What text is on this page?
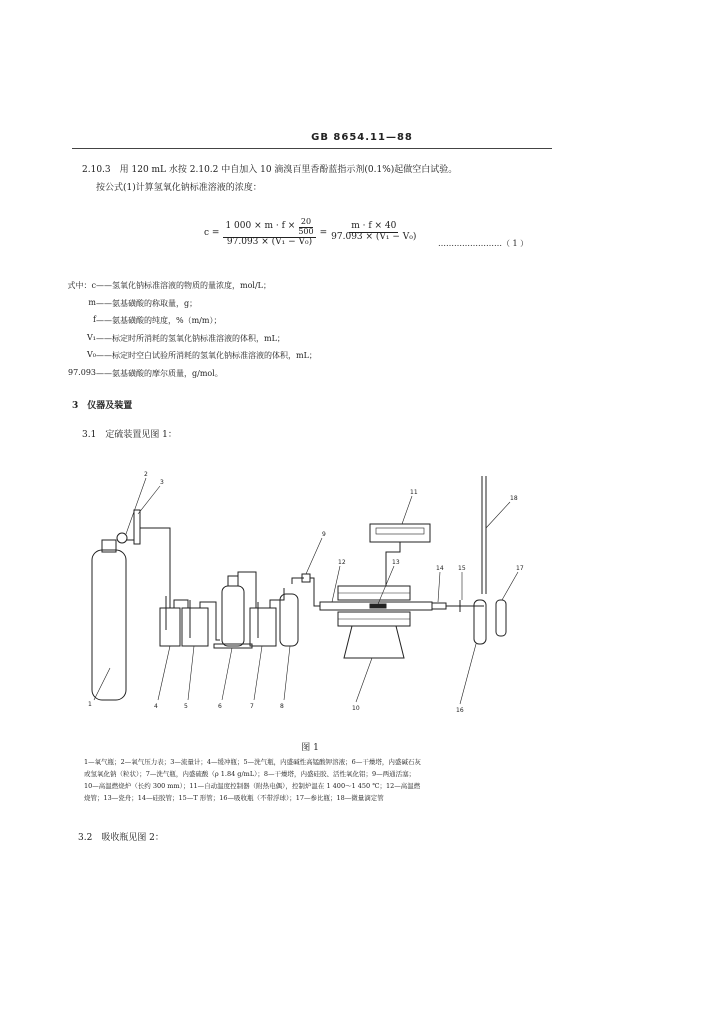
GB 8654.11—88
2.10.3　用 120 mL 水按 2.10.2 中自加入 10 滴溴百里香酚蓝指示剂(0.1%)起做空白试验。
按公式(1)计算氢氧化钠标准溶液的浓度：
$c = \frac{1 000 \times m \cdot f \times \frac{20}{500}}{\text{97.093 × (V₁ − V₀)}} = \frac{m \cdot f \times 40}{\text{97.093 × (V₁ − V₀)}}$
……………………（ 1 ）
式中：c ——氢氧化钠标准溶液的物质的量浓度，mol/L；
m ——氨基磺酸的称取量，g；
f ——氨基磺酸的纯度，%（m/m）；
V₁ ——标定时所消耗的氢氧化钠标准溶液的体积，mL；
V₀ ——标定时空白试验所消耗的氢氧化钠标准溶液的体积，mL；
97.093 ——氨基磺酸的摩尔质量，g/mol。
3　仪器及装置
3.1　定硫装置见图 1：
1
2
3
4	5	6	7	8
9
10
11
12	13
14 15
16
17
18
图 1
1—氧气瓶；2—氧气压力表；3—流量计；4—缓冲瓶；5—洗气瓶，内盛碱性高锰酸钾溶液；6—干燥塔，内盛碱石灰
或氢氧化钠（粒状）；7—洗气瓶，内盛硫酸（ρ 1.84 g/mL）；8—干燥塔，内盛硅胶、活性氧化铝；9—两通活塞；
10—高温燃烧炉（长约 300 mm）；11—自动温度控制器（附热电偶），控制炉温在 1 400～1 450 ℃；12—高温燃
烧管；13—瓷舟；14—硅胶管；15—T 形管；16—吸收瓶（不带浮球）；17—参比瓶；18—微量滴定管
3.2　吸收瓶见图 2：
